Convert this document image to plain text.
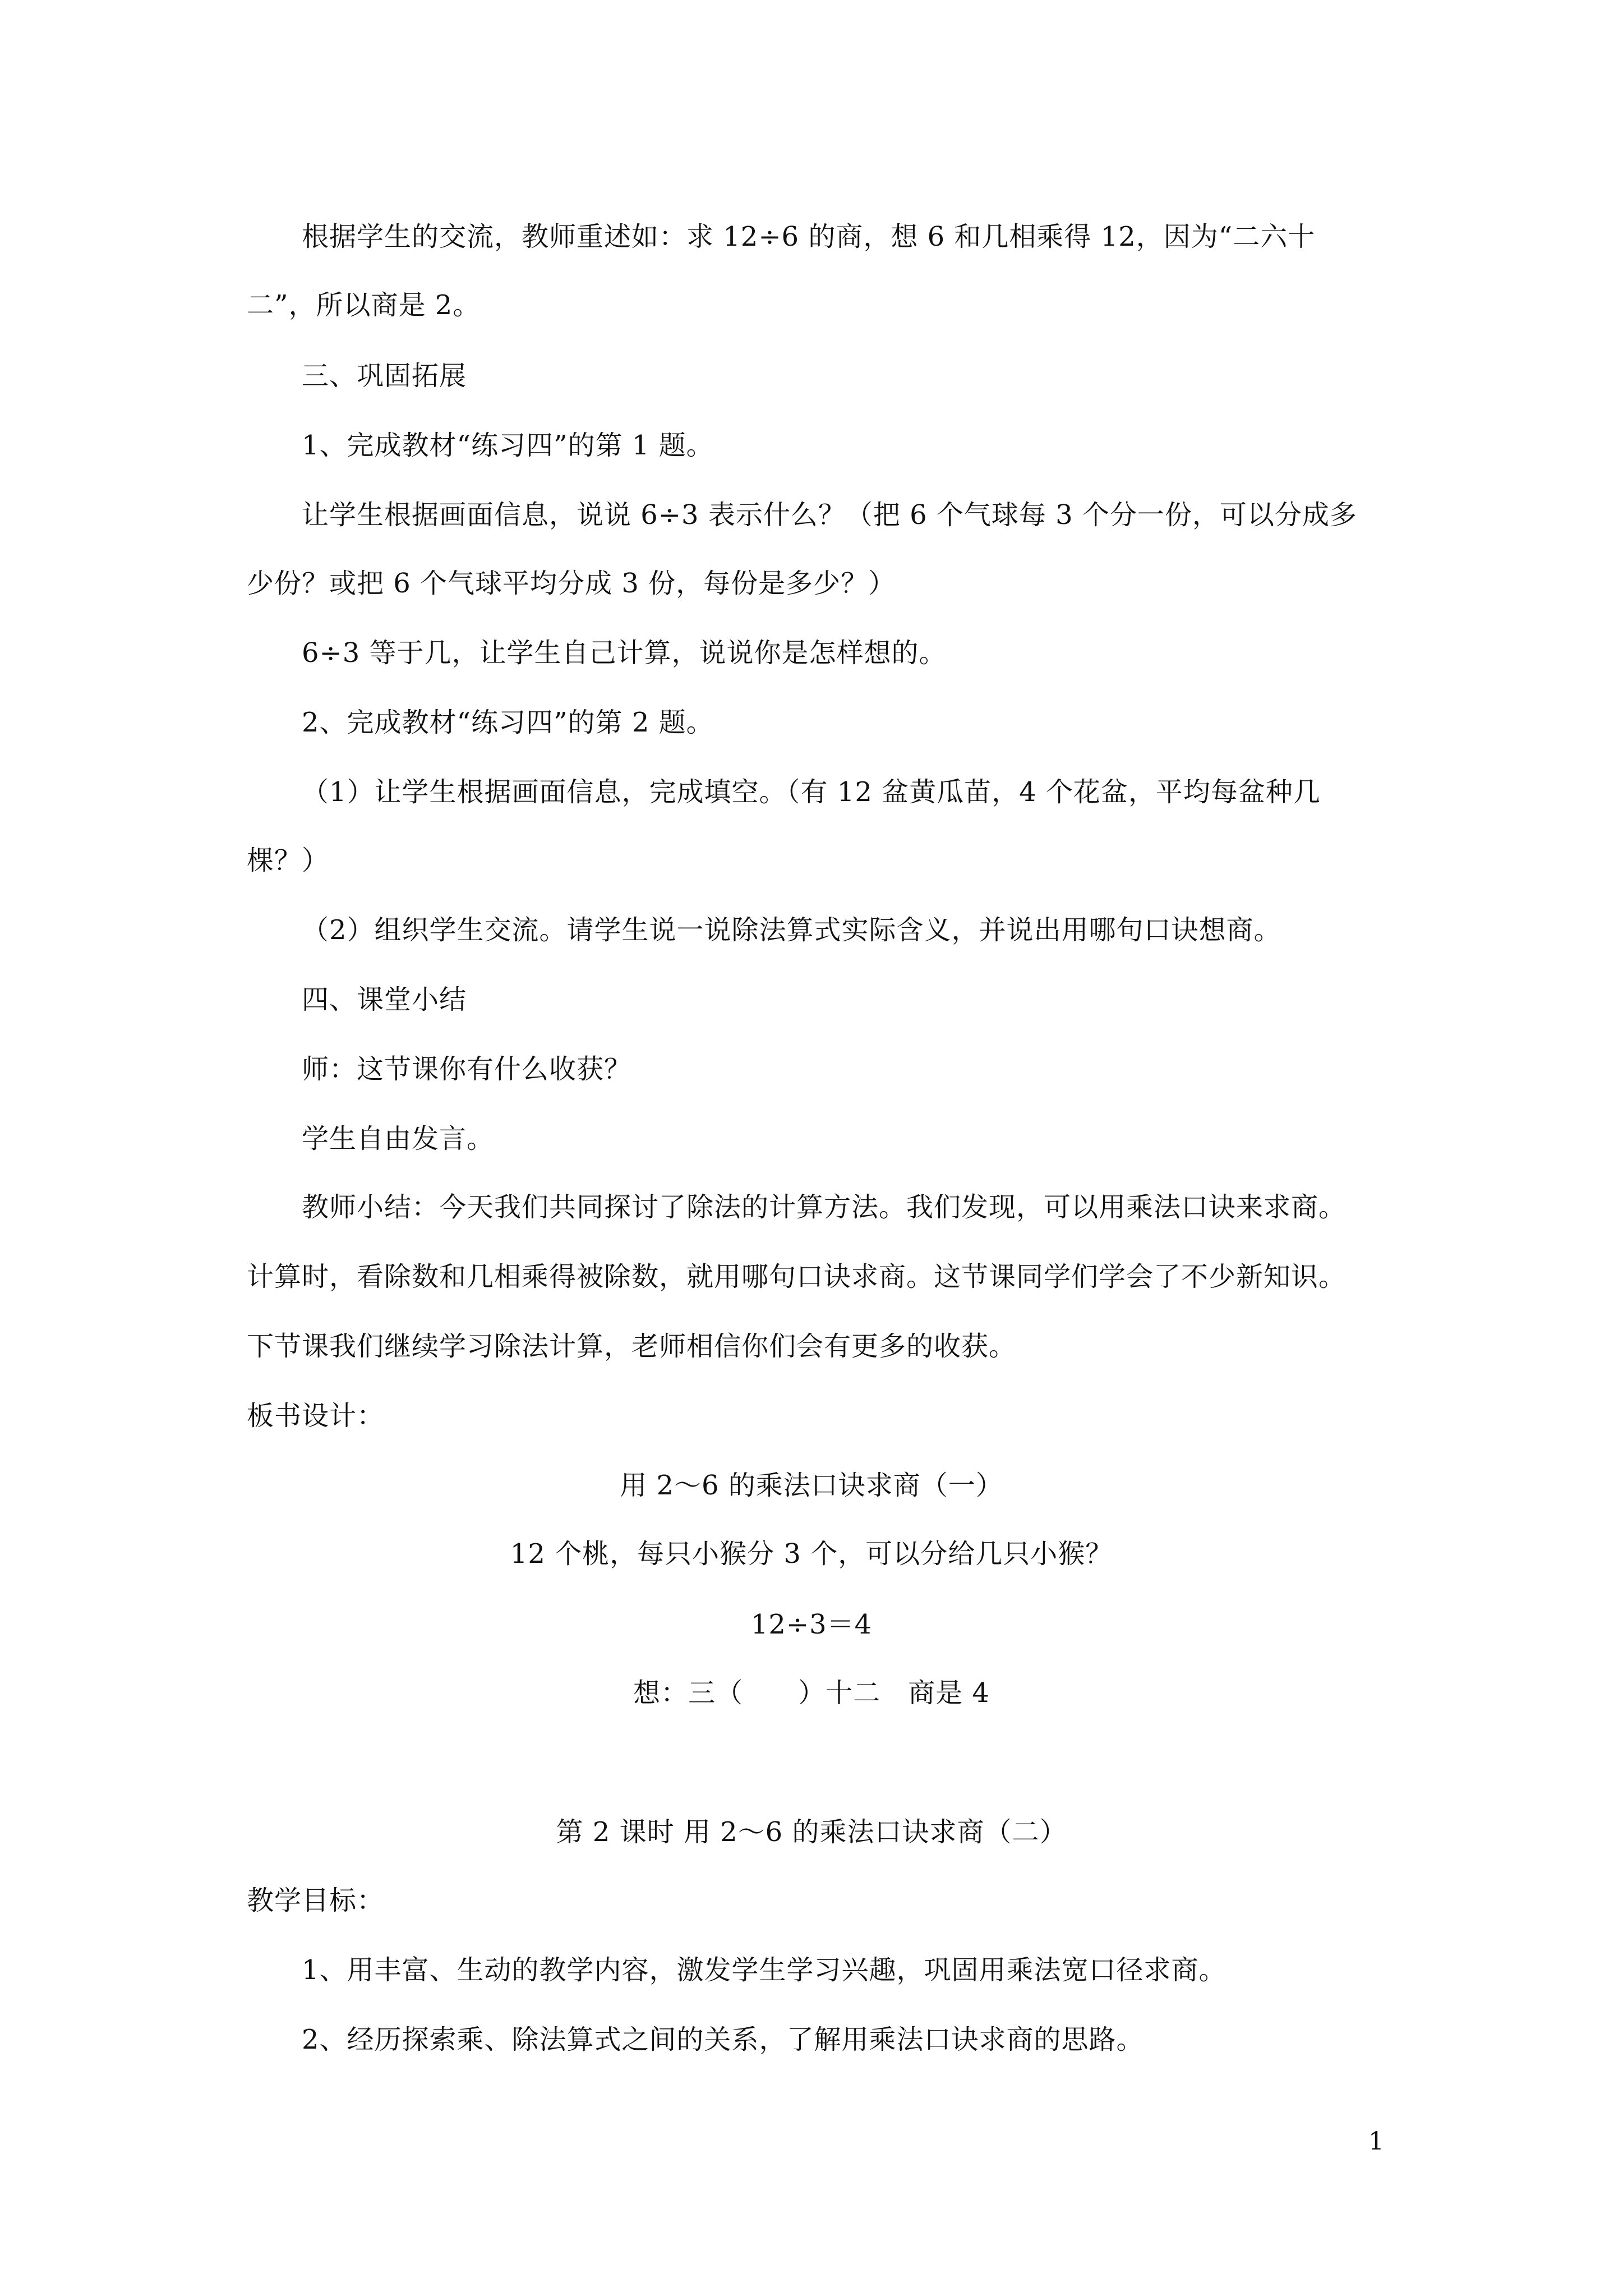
根据学生的交流，教师重述如：求 12÷6 的商，想 6 和几相乘得 12，因为“二六十
二”，所以商是 2。
三、巩固拓展
1、完成教材“练习四”的第 1 题。
让学生根据画面信息，说说 6÷3 表示什么？（把 6 个气球每 3 个分一份，可以分成多
少份？或把 6 个气球平均分成 3 份，每份是多少？）
6÷3 等于几，让学生自己计算，说说你是怎样想的。
2、完成教材“练习四”的第 2 题。
（1）让学生根据画面信息，完成填空。（有 12 盆黄瓜苗，4 个花盆，平均每盆种几
棵？）
（2）组织学生交流。请学生说一说除法算式实际含义，并说出用哪句口诀想商。
四、课堂小结
师：这节课你有什么收获？
学生自由发言。
教师小结：今天我们共同探讨了除法的计算方法。我们发现，可以用乘法口诀来求商。
计算时，看除数和几相乘得被除数，就用哪句口诀求商。这节课同学们学会了不少新知识。
下节课我们继续学习除法计算，老师相信你们会有更多的收获。
板书设计：
用 2～6 的乘法口诀求商（一）
12 个桃，每只小猴分 3 个，可以分给几只小猴？
12÷3＝4
想：三（　　）十二　商是 4
第 2 课时 用 2～6 的乘法口诀求商（二）
教学目标：
1、用丰富、生动的教学内容，激发学生学习兴趣，巩固用乘法宽口径求商。
2、经历探索乘、除法算式之间的关系，了解用乘法口诀求商的思路。
1
